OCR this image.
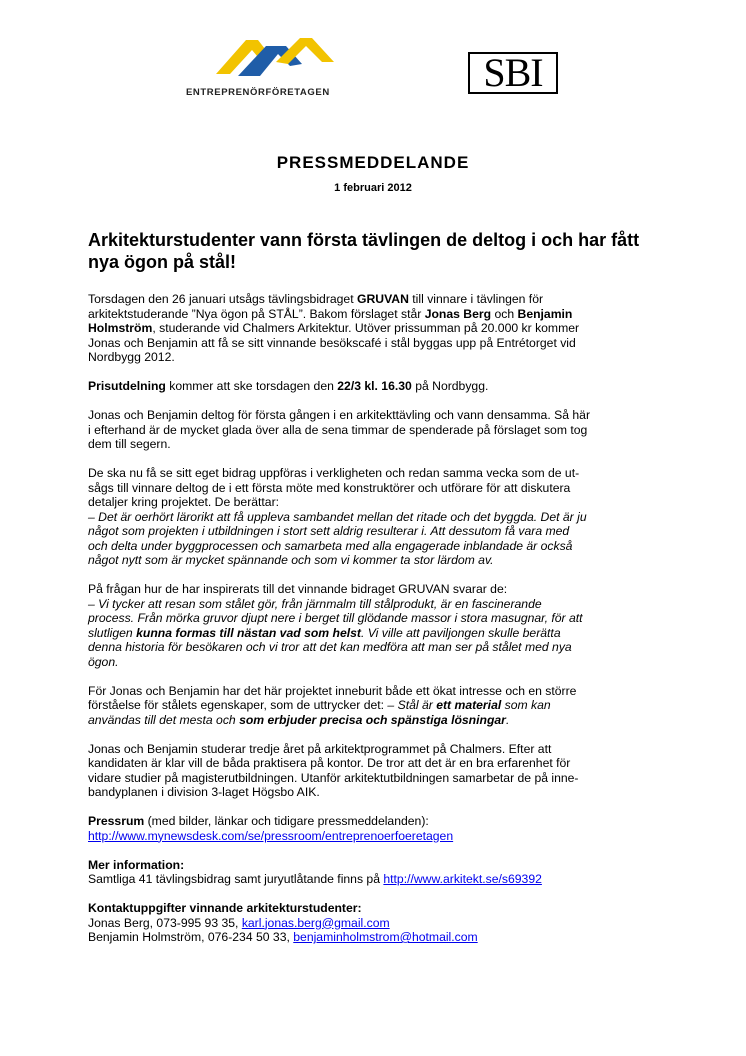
ENTREPRENÖRFÖRETAGEN	SBI
PRESSMEDDELANDE
1 februari 2012
Arkitekturstudenter vann första tävlingen de deltog i och har fått nya ögon på stål!

Torsdagen den 26 januari utsågs tävlingsbidraget GRUVAN till vinnare i tävlingen för
arkitektstuderande ”Nya ögon på STÅL”. Bakom förslaget står Jonas Berg och Benjamin
Holmström, studerande vid Chalmers Arkitektur. Utöver prissumman på 20.000 kr kommer
Jonas och Benjamin att få se sitt vinnande besökscafé i stål byggas upp på Entrétorget vid
Nordbygg 2012.

Prisutdelning kommer att ske torsdagen den 22/3 kl. 16.30 på Nordbygg.

Jonas och Benjamin deltog för första gången i en arkitekttävling och vann densamma. Så här
i efterhand är de mycket glada över alla de sena timmar de spenderade på förslaget som tog
dem till segern.

De ska nu få se sitt eget bidrag uppföras i verkligheten och redan samma vecka som de ut-
sågs till vinnare deltog de i ett första möte med konstruktörer och utförare för att diskutera
detaljer kring projektet. De berättar:
– Det är oerhört lärorikt att få uppleva sambandet mellan det ritade och det byggda. Det är ju
något som projekten i utbildningen i stort sett aldrig resulterar i. Att dessutom få vara med
och delta under byggprocessen och samarbeta med alla engagerade inblandade är också
något nytt som är mycket spännande och som vi kommer ta stor lärdom av.

På frågan hur de har inspirerats till det vinnande bidraget GRUVAN svarar de:
– Vi tycker att resan som stålet gör, från järnmalm till stålprodukt, är en fascinerande
process. Från mörka gruvor djupt nere i berget till glödande massor i stora masugnar, för att
slutligen kunna formas till nästan vad som helst. Vi ville att paviljongen skulle berätta
denna historia för besökaren och vi tror att det kan medföra att man ser på stålet med nya
ögon.

För Jonas och Benjamin har det här projektet inneburit både ett ökat intresse och en större
förståelse för stålets egenskaper, som de uttrycker det: – Stål är ett material som kan
användas till det mesta och som erbjuder precisa och spänstiga lösningar.

Jonas och Benjamin studerar tredje året på arkitektprogrammet på Chalmers. Efter att
kandidaten är klar vill de båda praktisera på kontor. De tror att det är en bra erfarenhet för
vidare studier på magisterutbildningen. Utanför arkitektutbildningen samarbetar de på inne-
bandyplanen i division 3-laget Högsbo AIK.

Pressrum (med bilder, länkar och tidigare pressmeddelanden):
http://www.mynewsdesk.com/se/pressroom/entreprenoerfoeretagen

Mer information:
Samtliga 41 tävlingsbidrag samt juryutlåtande finns på http://www.arkitekt.se/s69392

Kontaktuppgifter vinnande arkitekturstudenter:
Jonas Berg, 073-995 93 35, karl.jonas.berg@gmail.com
Benjamin Holmström, 076-234 50 33, benjaminholmstrom@hotmail.com
